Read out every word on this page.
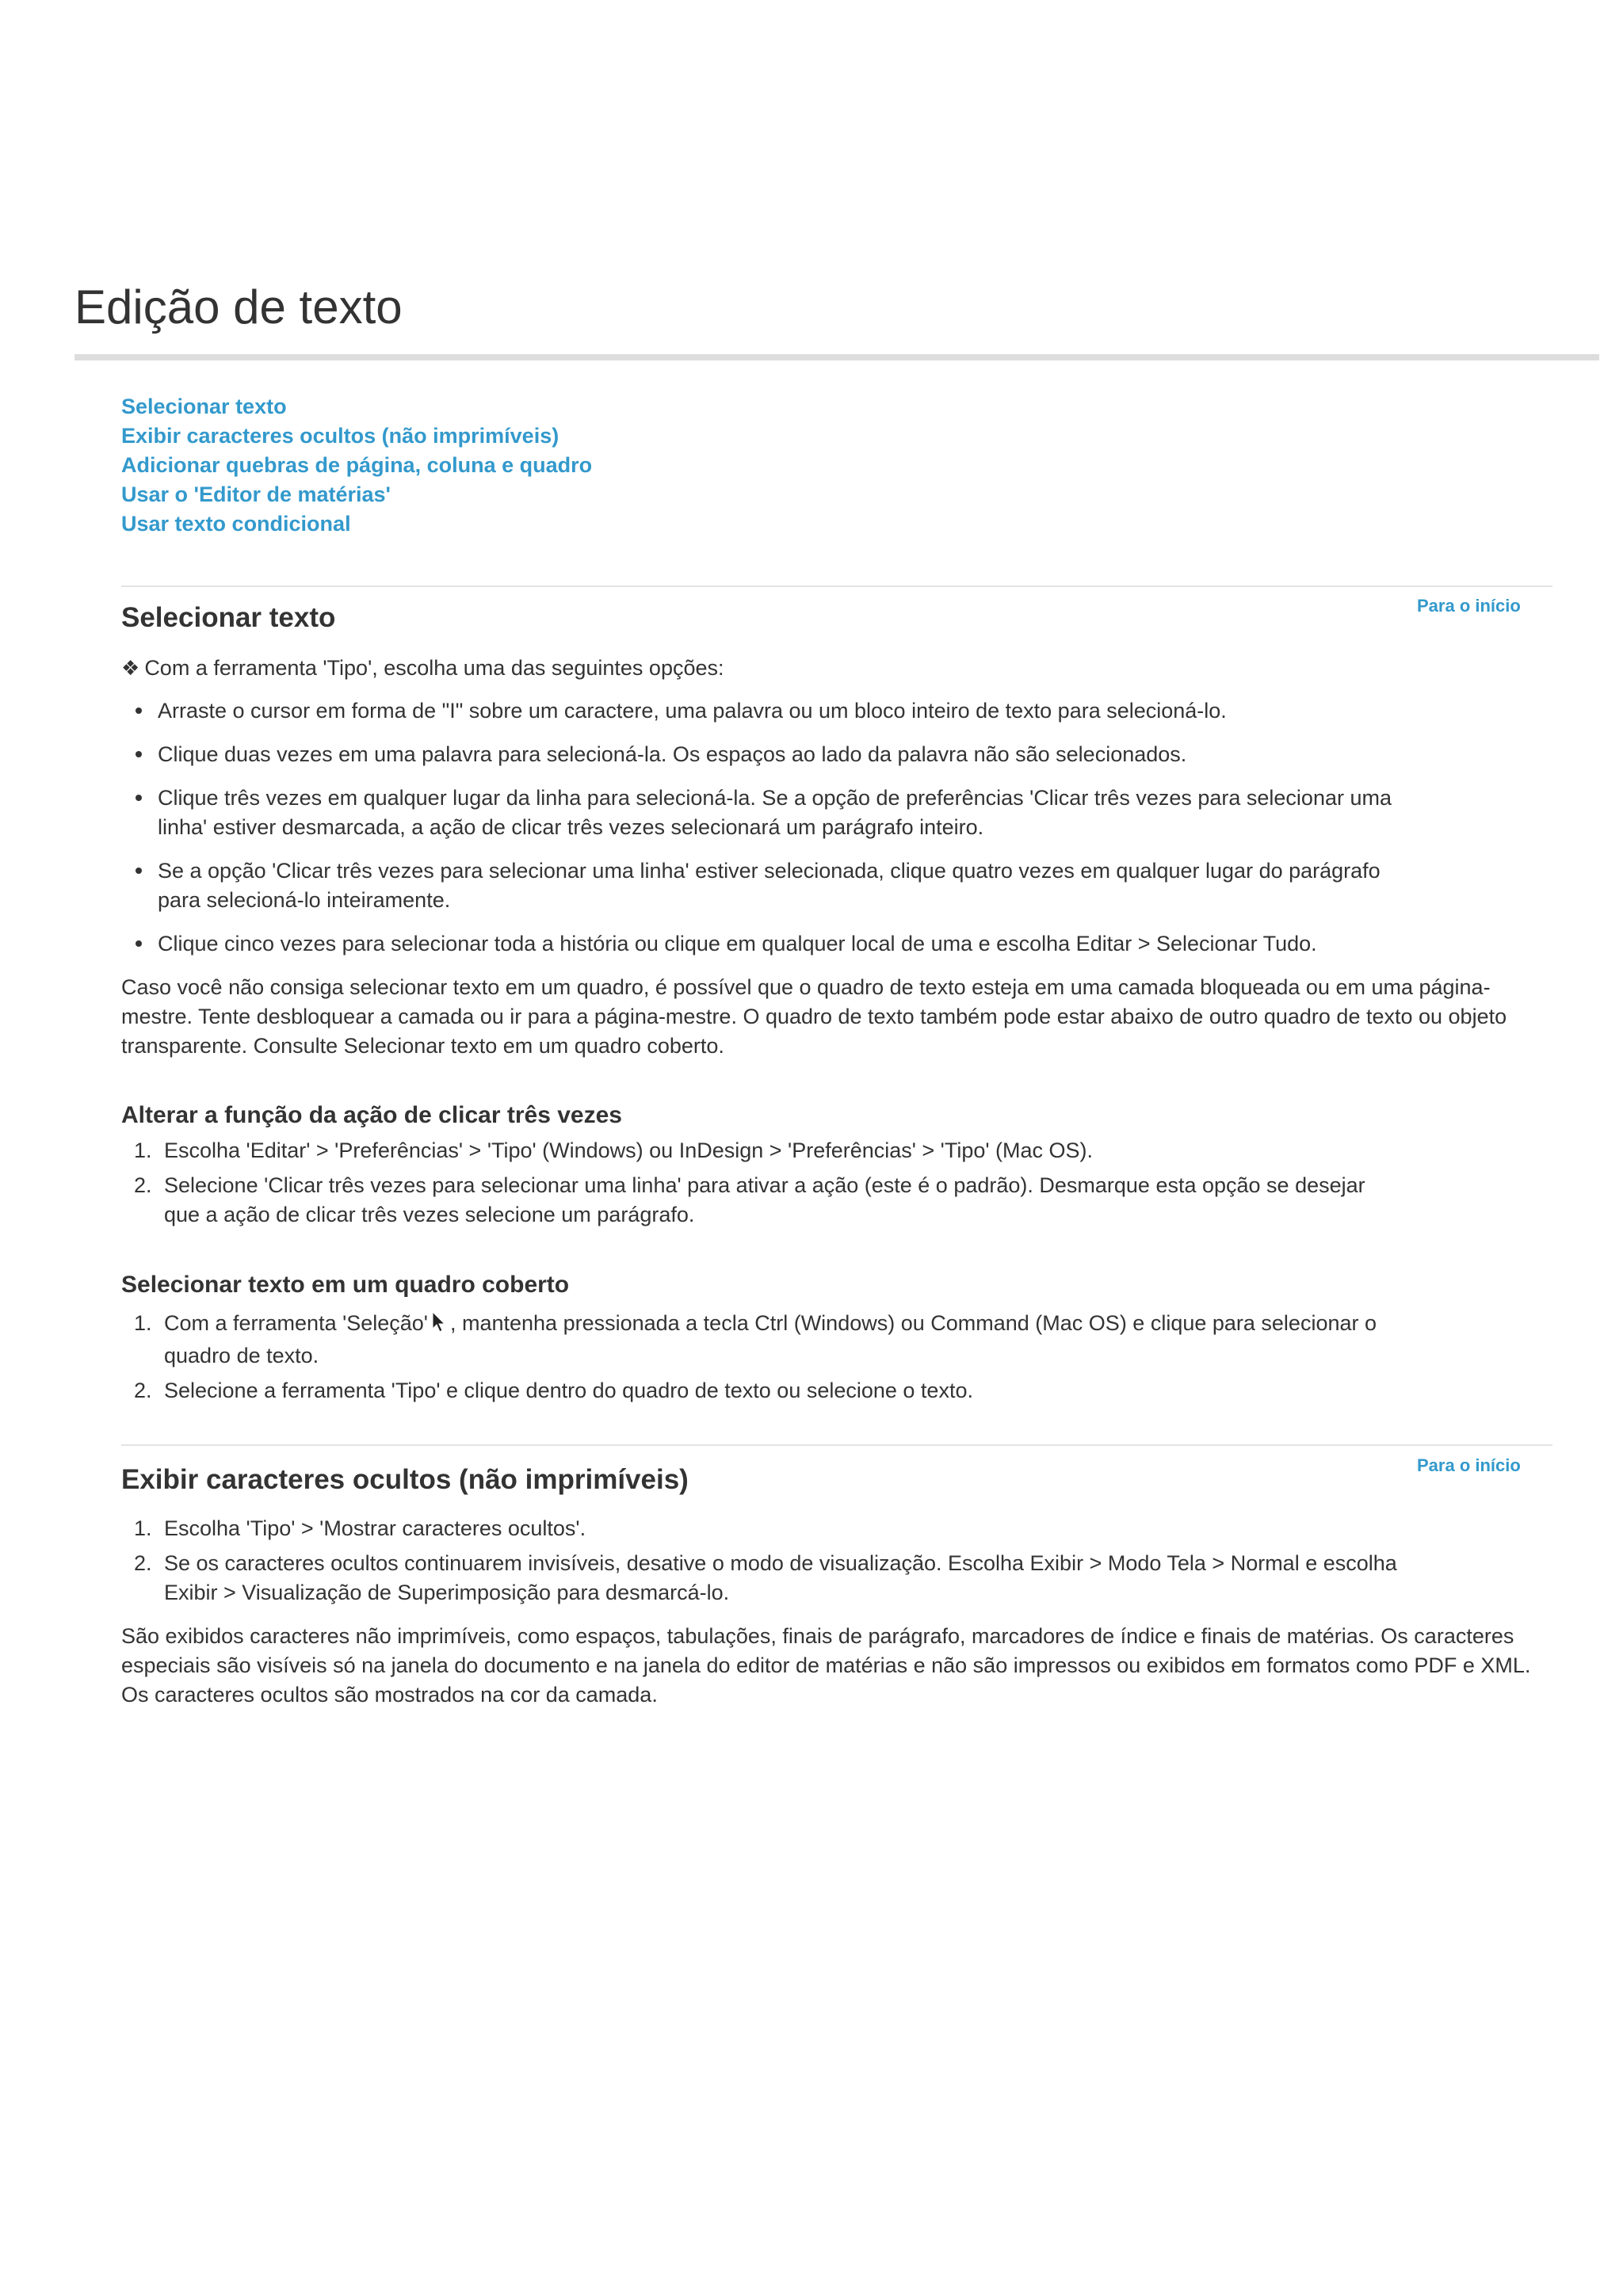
Edição de texto
Selecionar texto
Exibir caracteres ocultos (não imprimíveis)
Adicionar quebras de página, coluna e quadro
Usar o 'Editor de matérias'
Usar texto condicional
Para o início
Selecionar texto

❖ Com a ferramenta 'Tipo', escolha uma das seguintes opções:

Arraste o cursor em forma de "I" sobre um caractere, uma palavra ou um bloco inteiro de texto para selecioná-lo.
Clique duas vezes em uma palavra para selecioná-la. Os espaços ao lado da palavra não são selecionados.
Clique três vezes em qualquer lugar da linha para selecioná-la. Se a opção de preferências 'Clicar três vezes para selecionar uma linha' estiver desmarcada, a ação de clicar três vezes selecionará um parágrafo inteiro.
Se a opção 'Clicar três vezes para selecionar uma linha' estiver selecionada, clique quatro vezes em qualquer lugar do parágrafo para selecioná-lo inteiramente.
Clique cinco vezes para selecionar toda a história ou clique em qualquer local de uma e escolha Editar > Selecionar Tudo.

Caso você não consiga selecionar texto em um quadro, é possível que o quadro de texto esteja em uma camada bloqueada ou em uma página-mestre. Tente desbloquear a camada ou ir para a página-mestre. O quadro de texto também pode estar abaixo de outro quadro de texto ou objeto transparente. Consulte Selecionar texto em um quadro coberto.

Alterar a função da ação de clicar três vezes
1. Escolha 'Editar' > 'Preferências' > 'Tipo' (Windows) ou InDesign > 'Preferências' > 'Tipo' (Mac OS).
2. Selecione 'Clicar três vezes para selecionar uma linha' para ativar a ação (este é o padrão). Desmarque esta opção se desejar que a ação de clicar três vezes selecione um parágrafo.
Selecionar texto em um quadro coberto
1. Com a ferramenta 'Seleção' , mantenha pressionada a tecla Ctrl (Windows) ou Command (Mac OS) e clique para selecionar o quadro de texto.
2. Selecione a ferramenta 'Tipo' e clique dentro do quadro de texto ou selecione o texto.
Para o início
Exibir caracteres ocultos (não imprimíveis)
1. Escolha 'Tipo' > 'Mostrar caracteres ocultos'.
2. Se os caracteres ocultos continuarem invisíveis, desative o modo de visualização. Escolha Exibir > Modo Tela > Normal e escolha Exibir > Visualização de Superimposição para desmarcá-lo.

São exibidos caracteres não imprimíveis, como espaços, tabulações, finais de parágrafo, marcadores de índice e finais de matérias. Os caracteres especiais são visíveis só na janela do documento e na janela do editor de matérias e não são impressos ou exibidos em formatos como PDF e XML. Os caracteres ocultos são mostrados na cor da camada.
